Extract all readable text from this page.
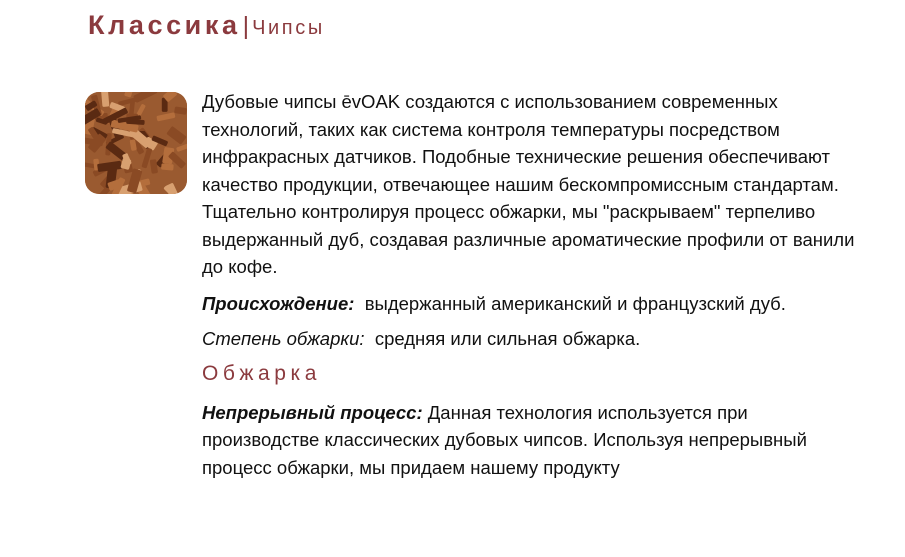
Классика| Чипсы

Дубовые чипсы ēvOAK создаются с использованием современных технологий, таких как система контроля температуры посредством инфракрасных датчиков. Подобные технические решения обеспечивают качество продукции, отвечающее нашим бескомпромиссным стандартам. Тщательно контролируя процесс обжарки, мы "раскрываем" терпеливо выдержанный дуб, создавая различные ароматические профили от ванили до кофе.

Происхождение: выдержанный американский и французский дуб.

Степень обжарки: средняя или сильная обжарка.

Обжарка

Непрерывный процесс: Данная технология используется при производстве классических дубовых чипсов. Используя непрерывный процесс обжарки, мы придаем нашему продукту
